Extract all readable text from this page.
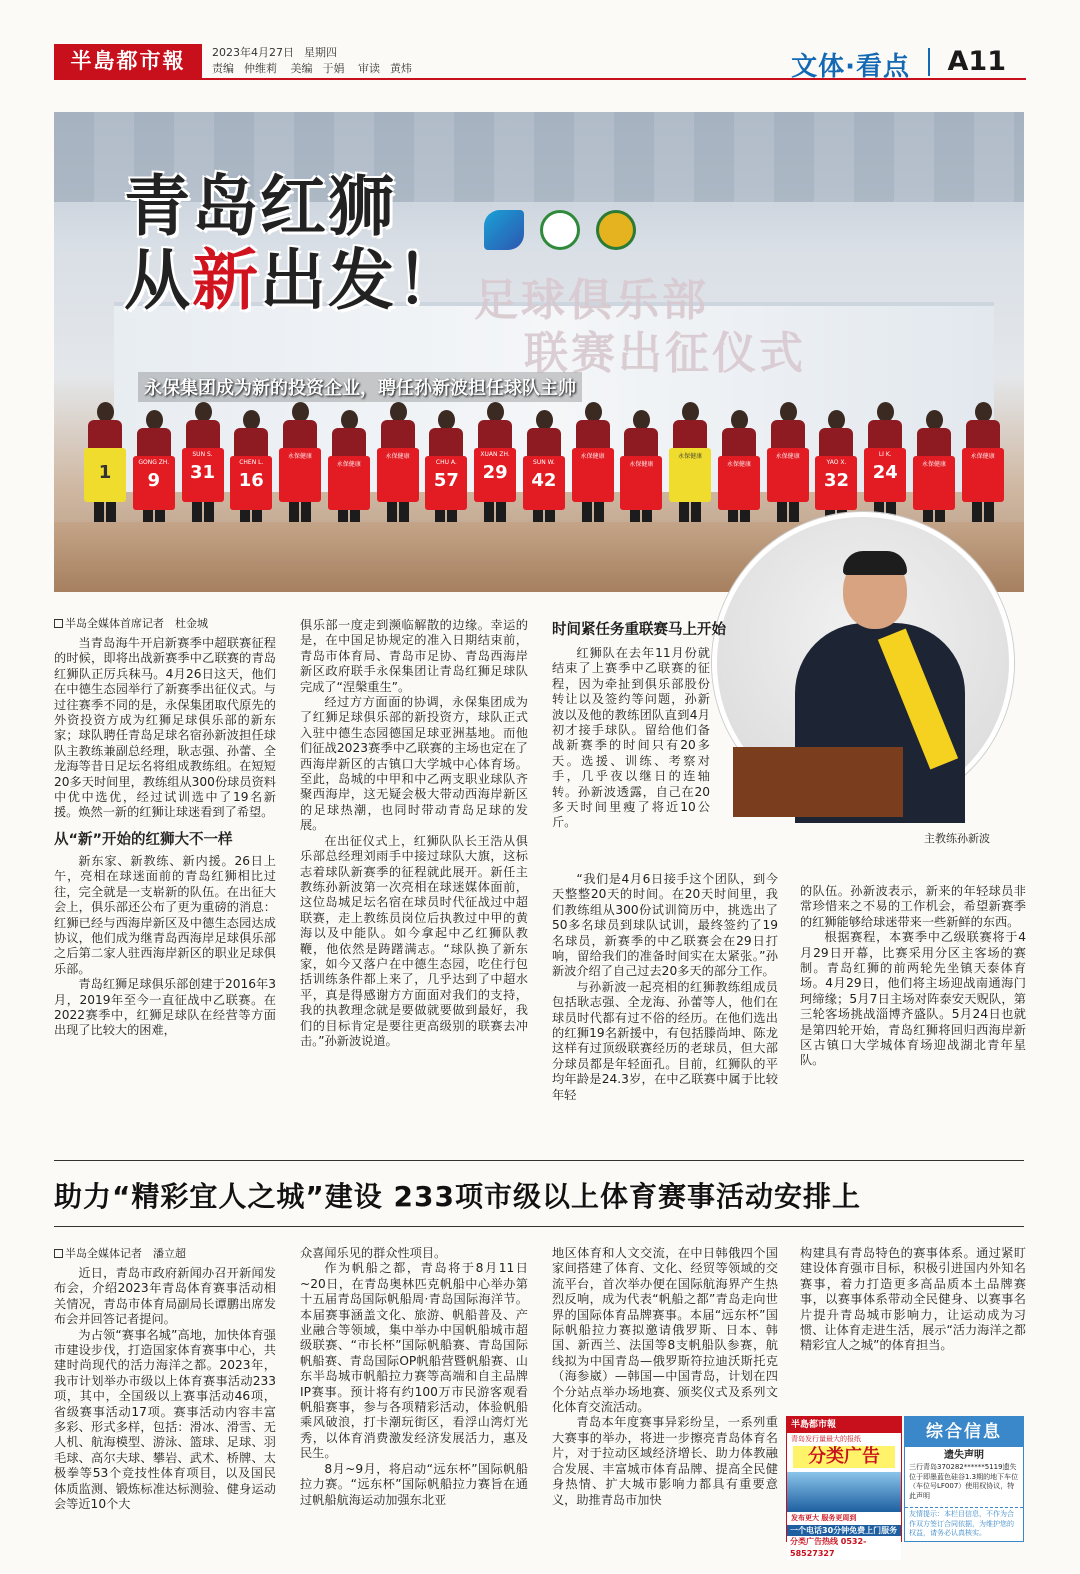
半島都市報	2023年4月27日 星期四
责编 仲维莉 美编 于娟 审读 黄炜	文体·看点 A11
足球俱乐部
联赛出征仪式
1	GONG ZH.
9
SUN S.
31	CHEN L.
16
永保健康
永保健康
永保健康
CHU A.
57
XUAN ZH.
29	SUN W.
42
永保健康
永保健康
永保健康
永保健康
永保健康
YAO X.
32
LI K.
24	永保健康
永保健康
青岛红狮
从新出发！
永保集团成为新的投资企业，聘任孙新波担任球队主帅
主教练孙新波
半岛全媒体首席记者　杜金城

当青岛海牛开启新赛季中超联赛征程的时候，即将出战新赛季中乙联赛的青岛红狮队正厉兵秣马。4月26日这天，他们在中德生态园举行了新赛季出征仪式。与过往赛季不同的是，永保集团取代原先的外资投资方成为红狮足球俱乐部的新东家；球队聘任青岛足球名宿孙新波担任球队主教练兼副总经理，耿志强、孙蕾、全龙海等昔日足坛名将组成教练组。在短短20多天时间里，教练组从300份球员资料中优中选优，经过试训选中了19名新援。焕然一新的红狮让球迷看到了希望。

从“新”开始的红狮大不一样

新东家、新教练、新内援。26日上午，亮相在球迷面前的青岛红狮相比过往，完全就是一支崭新的队伍。在出征大会上，俱乐部还公布了更为重磅的消息：红狮已经与西海岸新区及中德生态园达成协议，他们成为继青岛西海岸足球俱乐部之后第二家人驻西海岸新区的职业足球俱乐部。

青岛红狮足球俱乐部创建于2016年3月，2019年至今一直征战中乙联赛。在2022赛季中，红狮足球队在经营等方面出现了比较大的困难，

俱乐部一度走到濒临解散的边缘。幸运的是，在中国足协规定的准入日期结束前，青岛市体育局、青岛市足协、青岛西海岸新区政府联手永保集团让青岛红狮足球队完成了“涅槃重生”。

经过方方面面的协调，永保集团成为了红狮足球俱乐部的新投资方，球队正式入驻中德生态园德国足球亚洲基地。而他们征战2023赛季中乙联赛的主场也定在了西海岸新区的古镇口大学城中心体育场。至此，岛城的中甲和中乙两支职业球队齐聚西海岸，这无疑会极大带动西海岸新区的足球热潮，也同时带动青岛足球的发展。

在出征仪式上，红狮队队长王浩从俱乐部总经理刘雨手中接过球队大旗，这标志着球队新赛季的征程就此展开。新任主教练孙新波第一次亮相在球迷媒体面前，这位岛城足坛名宿在球员时代征战过中超联赛，走上教练员岗位后执教过中甲的黄海以及中能队。如今拿起中乙红狮队教鞭，他依然是踌躇满志。“球队换了新东家，如今又落户在中德生态园，吃住行包括训练条件都上来了，几乎达到了中超水平，真是得感谢方方面面对我们的支持，我的执教理念就是要做就要做到最好，我们的目标肯定是要往更高级别的联赛去冲击。”孙新波说道。

时间紧任务重联赛马上开始

红狮队在去年11月份就结束了上赛季中乙联赛的征程，因为牵扯到俱乐部股份转让以及签约等问题，孙新波以及他的教练团队直到4月初才接手球队。留给他们备战新赛季的时间只有20多天。选援、训练、考察对手，几乎夜以继日的连轴转。孙新波透露，自己在20多天时间里瘦了将近10公斤。

“我们是4月6日接手这个团队，到今天整整20天的时间。在20天时间里，我们教练组从300份试训简历中，挑选出了50多名球员到球队试训，最终签约了19名球员，新赛季的中乙联赛会在29日打响，留给我们的准备时间实在太紧张。”孙新波介绍了自己过去20多天的部分工作。

与孙新波一起亮相的红狮教练组成员包括耿志强、全龙海、孙蕾等人，他们在球员时代都有过不俗的经历。在他们选出的红狮19名新援中，有包括滕尚坤、陈龙这样有过顶级联赛经历的老球员，但大部分球员都是年轻面孔。目前，红狮队的平均年龄是24.3岁，在中乙联赛中属于比较年轻

的队伍。孙新波表示，新来的年轻球员非常珍惜来之不易的工作机会，希望新赛季的红狮能够给球迷带来一些新鲜的东西。

根据赛程，本赛季中乙级联赛将于4月29日开幕，比赛采用分区主客场的赛制。青岛红狮的前两轮先坐镇天泰体育场。4月29日，他们将主场迎战南通海门珂缔缘；5月7日主场对阵泰安天贶队，第三轮客场挑战淄博齐盛队。5月24日也就是第四轮开始，青岛红狮将回归西海岸新区古镇口大学城体育场迎战湖北青年星队。

助力“精彩宜人之城”建设 233项市级以上体育赛事活动安排上
半岛全媒体记者　潘立超

近日，青岛市政府新闻办召开新闻发布会，介绍2023年青岛体育赛事活动相关情况，青岛市体育局副局长谭鹏出席发布会并回答记者提问。

为占领“赛事名城”高地，加快体育强市建设步伐，打造国家体育赛事中心，共建时尚现代的活力海洋之都。2023年，我市计划举办市级以上体育赛事活动233项，其中，全国级以上赛事活动46项，省级赛事活动17项。赛事活动内容丰富多彩、形式多样，包括：滑冰、滑雪、无人机、航海模型、游泳、篮球、足球、羽毛球、高尔夫球、攀岩、武术、桥牌、太极拳等53个竞技性体育项目，以及国民体质监测、锻炼标准达标测验、健身运动会等近10个大

众喜闻乐见的群众性项目。

作为帆船之都，青岛将于8月11日~20日，在青岛奥林匹克帆船中心举办第十五届青岛国际帆船周·青岛国际海洋节。本届赛事涵盖文化、旅游、帆船普及、产业融合等领域，集中举办中国帆船城市超级联赛、“市长杯”国际帆船赛、青岛国际帆船赛、青岛国际OP帆船营暨帆船赛、山东半岛城市帆船拉力赛等高端和自主品牌IP赛事。预计将有约100万市民游客观看帆船赛事，参与各项精彩活动，体验帆船乘风破浪，打卡潮玩街区，看浮山湾灯光秀，以体育消费激发经济发展活力，惠及民生。

8月~9月，将启动“远东杯”国际帆船拉力赛。“远东杯”国际帆船拉力赛旨在通过帆船航海运动加强东北亚

地区体育和人文交流，在中日韩俄四个国家间搭建了体育、文化、经贸等领域的交流平台，首次举办便在国际航海界产生热烈反响，成为代表“帆船之都”青岛走向世界的国际体育品牌赛事。本届“远东杯”国际帆船拉力赛拟邀请俄罗斯、日本、韩国、新西兰、法国等8支帆船队参赛，航线拟为中国青岛—俄罗斯符拉迪沃斯托克（海参崴）—韩国—中国青岛，计划在四个分站点举办场地赛、颁奖仪式及系列文化体育交流活动。

青岛本年度赛事异彩纷呈，一系列重大赛事的举办，将进一步擦亮青岛体育名片，对于拉动区域经济增长、助力体教融合发展、丰富城市体育品牌、提高全民健身热情、扩大城市影响力都具有重要意义，助推青岛市加快

构建具有青岛特色的赛事体系。通过紧盯建设体育强市目标，积极引进国内外知名赛事，着力打造更多高品质本土品牌赛事，以赛事体系带动全民健身、以赛事名片提升青岛城市影响力，让运动成为习惯、让体育走进生活，展示“活力海洋之都　精彩宜人之城”的体育担当。

半島都市報
青岛发行量最大的报纸
分类广告
发布更大 服务更周到
一个电话30分钟免费上门服务
分类广告热线 0532-58527327
综合信息
遗失声明
三行青岛370282******5119遗失位于即墨蓝色硅谷1.3期的地下车位（车位号LF007）使用权协议，特此声明
友情提示：本栏目信息，不作为合作双方签订合同依据，为维护您的权益，请务必认真核实。
